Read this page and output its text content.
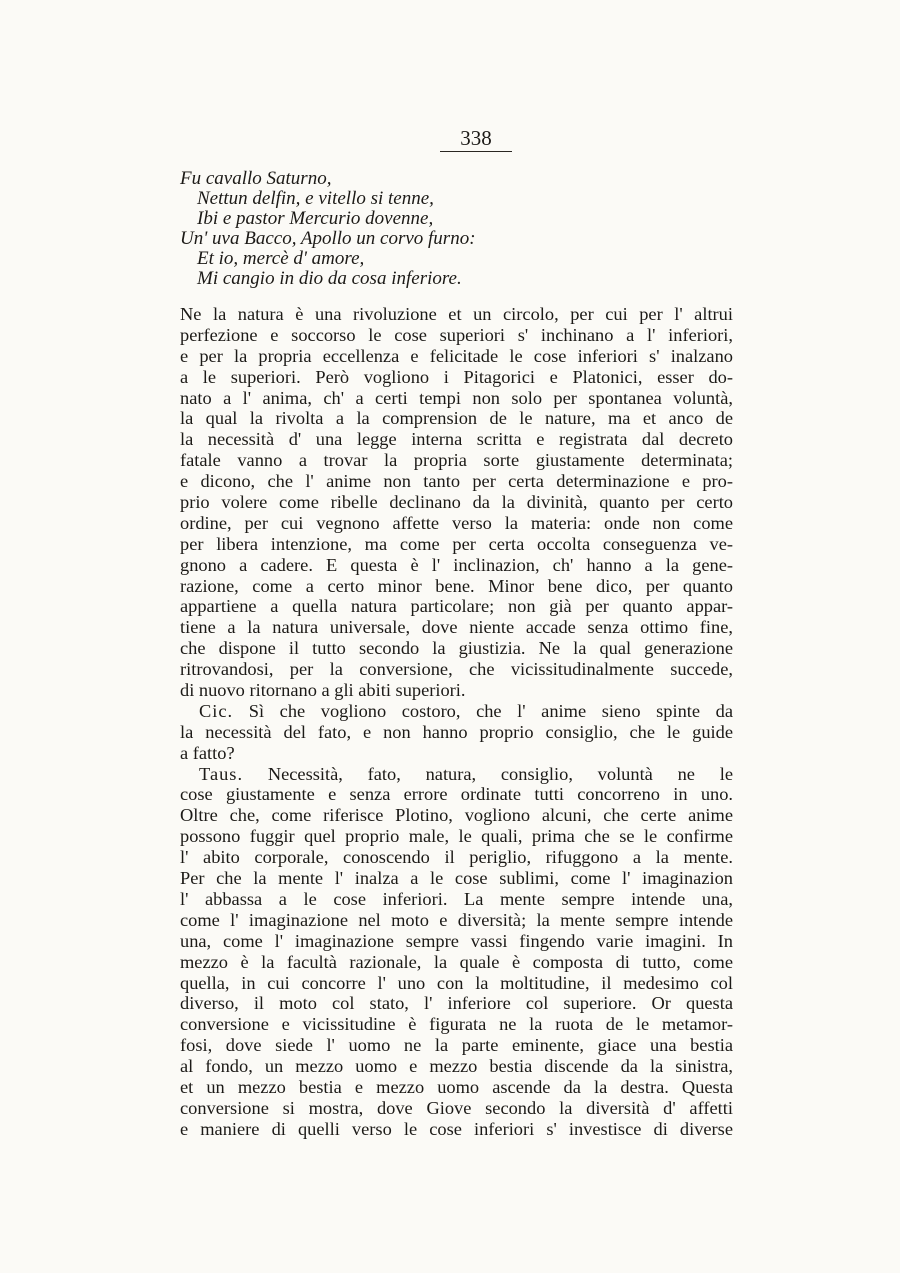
338
Fu cavallo Saturno,
Nettun delfin, e vitello si tenne,
Ibi e pastor Mercurio dovenne,
Un' uva Bacco, Apollo un corvo furno:
Et io, mercè d' amore,
Mi cangio in dio da cosa inferiore.
Ne la natura è una rivoluzione et un circolo, per cui per l' altrui
perfezione e soccorso le cose superiori s' inchinano a l' inferiori,
e per la propria eccellenza e felicitade le cose inferiori s' inalzano
a le superiori. Però vogliono i Pitagorici e Platonici, esser do-
nato a l' anima, ch' a certi tempi non solo per spontanea voluntà,
la qual la rivolta a la comprension de le nature, ma et anco de
la necessità d' una legge interna scritta e registrata dal decreto
fatale vanno a trovar la propria sorte giustamente determinata;
e dicono, che l' anime non tanto per certa determinazione e pro-
prio volere come ribelle declinano da la divinità, quanto per certo
ordine, per cui vegnono affette verso la materia: onde non come
per libera intenzione, ma come per certa occolta conseguenza ve-
gnono a cadere. E questa è l' inclinazion, ch' hanno a la gene-
razione, come a certo minor bene. Minor bene dico, per quanto
appartiene a quella natura particolare; non già per quanto appar-
tiene a la natura universale, dove niente accade senza ottimo fine,
che dispone il tutto secondo la giustizia. Ne la qual generazione
ritrovandosi, per la conversione, che vicissitudinalmente succede,
di nuovo ritornano a gli abiti superiori.
Cic. Sì che vogliono costoro, che l' anime sieno spinte da
la necessità del fato, e non hanno proprio consiglio, che le guide
a fatto?
Taus. Necessità, fato, natura, consiglio, voluntà ne le
cose giustamente e senza errore ordinate tutti concorreno in uno.
Oltre che, come riferisce Plotino, vogliono alcuni, che certe anime
possono fuggir quel proprio male, le quali, prima che se le confirme
l' abito corporale, conoscendo il periglio, rifuggono a la mente.
Per che la mente l' inalza a le cose sublimi, come l' imaginazion
l' abbassa a le cose inferiori. La mente sempre intende una,
come l' imaginazione nel moto e diversità; la mente sempre intende
una, come l' imaginazione sempre vassi fingendo varie imagini. In
mezzo è la facultà razionale, la quale è composta di tutto, come
quella, in cui concorre l' uno con la moltitudine, il medesimo col
diverso, il moto col stato, l' inferiore col superiore. Or questa
conversione e vicissitudine è figurata ne la ruota de le metamor-
fosi, dove siede l' uomo ne la parte eminente, giace una bestia
al fondo, un mezzo uomo e mezzo bestia discende da la sinistra,
et un mezzo bestia e mezzo uomo ascende da la destra. Questa
conversione si mostra, dove Giove secondo la diversità d' affetti
e maniere di quelli verso le cose inferiori s' investisce di diverse
